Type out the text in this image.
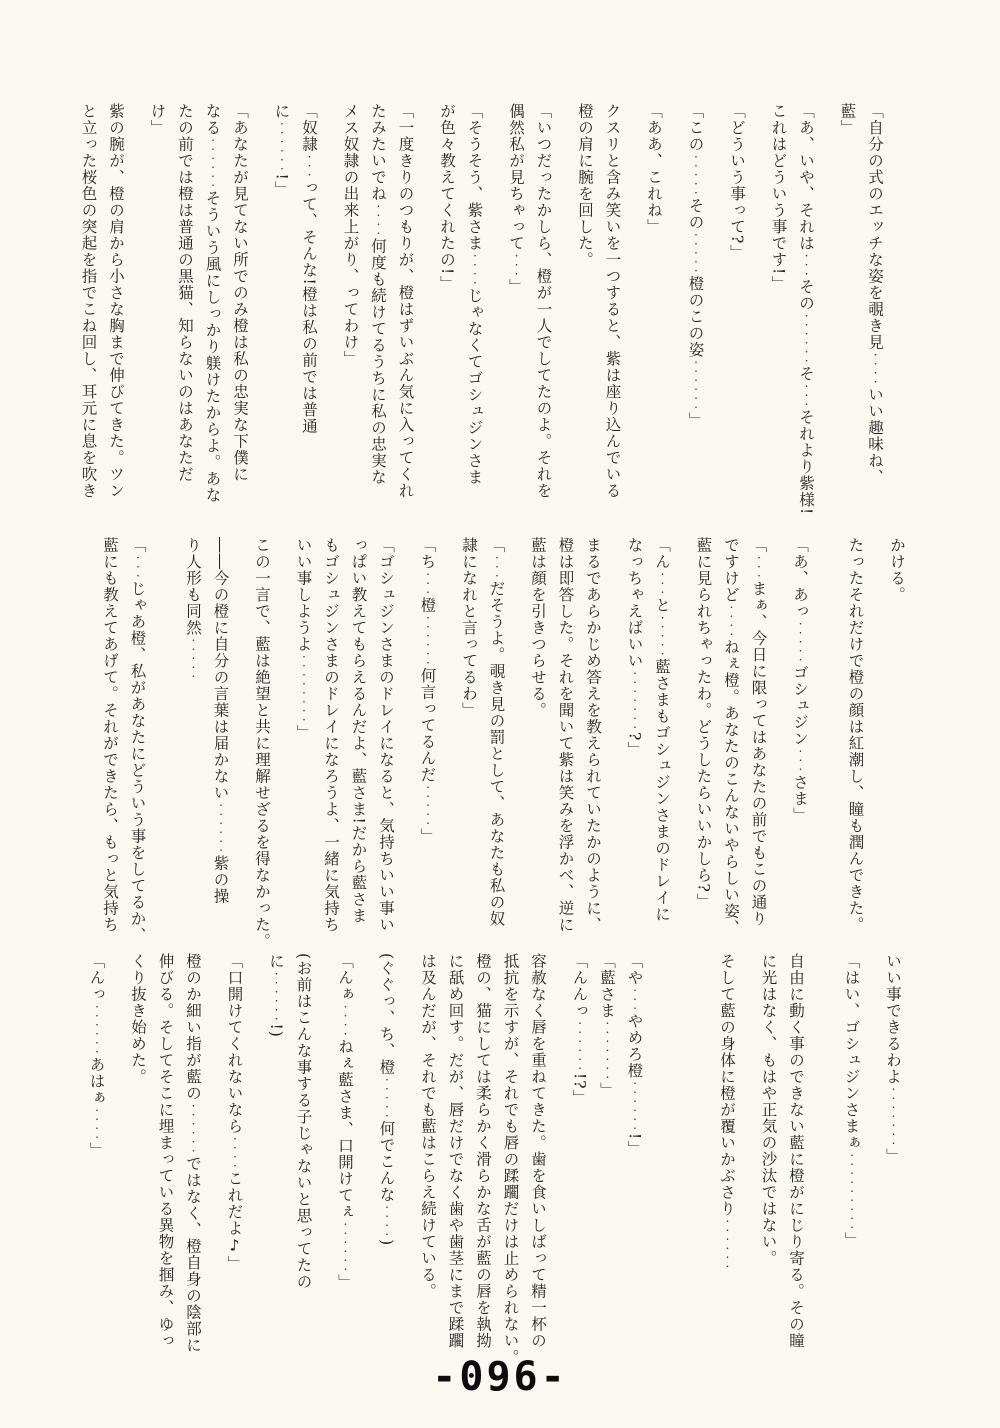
「自分の式のエッチな姿を覗き見・・・・いい趣味ね、
藍」
「あ、いや、それは・・・その・・・・・・そ・・・それより紫様!
これはどういう事です!」
「どういう事って?」
「この・・・・・その・・・・・橙のこの姿・・・・・・」
「ああ、これね」
クスリと含み笑いを一つすると、紫は座り込んでいる
橙の肩に腕を回した。
「いつだったかしら、橙が一人でしてたのよ。それを
偶然私が見ちゃって・・・」
「そうそう、紫さま・・・・じゃなくてゴシュジンさま
が色々教えてくれたの!」
「一度きりのつもりが、橙はずいぶん気に入ってくれ
たみたいでね・・・・何度も続けてるうちに私の忠実な
メス奴隷の出来上がり、ってわけ」
「奴隷・・・って、そんな!橙は私の前では普通
に・・・・・・!」
「あなたが見てない所でのみ橙は私の忠実な下僕に
なる・・・・・・そういう風にしっかり躾けたからよ。あな
たの前では橙は普通の黒猫、知らないのはあなただ
け」
紫の腕が、橙の肩から小さな胸まで伸びてきた。ツン
と立った桜色の突起を指でこね回し、耳元に息を吹き
かける。
たったそれだけで橙の顔は紅潮し、瞳も潤んできた。
「あ、あっ・・・・・ゴシュジン・・・さま」
「・・・まぁ、今日に限ってはあなたの前でもこの通り
ですけど・・・・ねぇ橙。あなたのこんないやらしい姿、
藍に見られちゃったわ。どうしたらいいかしら?」
「ん・・・と・・・・・藍さまもゴシュジンさまのドレイに
なっちゃえばいい・・・・・・・?」
まるであらかじめ答えを教えられていたかのように、
橙は即答した。それを聞いて紫は笑みを浮かべ、逆に
藍は顔を引きつらせる。
「・・・だそうよ。覗き見の罰として、あなたも私の奴
隷になれと言ってるわ」
「ち・・・橙・・・・・・何言ってるんだ・・・・・」
「ゴシュジンさまのドレイになると、気持ちいい事い
っぱい教えてもらえるんだよ、藍さま!だから藍さま
もゴシュジンさまのドレイになろうよ、一緒に気持ち
いい事しようよ・・・・・・・・」
この一言で、藍は絶望と共に理解せざるを得なかった。
――今の橙に自分の言葉は届かない・・・・・・紫の操
り人形も同然・・・・・
「・・・じゃあ橙、私があなたにどういう事をしてるか、
藍にも教えてあげて。それができたら、もっと気持ち
いい事できるわよ・・・・・・・」
「はい、ゴシュジンさまぁ・・・・・・・・・」
自由に動く事のできない藍に橙がにじり寄る。その瞳
に光はなく、もはや正気の沙汰ではない。
そして藍の身体に橙が覆いかぶさり・・・・・・
「や・・・やめろ橙・・・・・・!」
「藍さま・・・・・・・」
「んんっ・・・・・・!?」
容赦なく唇を重ねてきた。歯を食いしばって精一杯の
抵抗を示すが、それでも唇の蹂躙だけは止められない。
橙の、猫にしては柔らかく滑らかな舌が藍の唇を執拗
に舐め回す。だが、唇だけでなく歯や歯茎にまで蹂躙
は及んだが、それでも藍はこらえ続けている。
(ぐぐっ、ち、橙・・・・・何でこんな・・・・)
「んぁ・・・・ねぇ藍さま、口開けてぇ・・・・・・」
(お前はこんな事する子じゃないと思ってたの
に・・・・・・!)
「口開けてくれないなら・・・・これだよ♪」
橙のか細い指が藍の・・・・・・ではなく、橙自身の陰部に
伸びる。そしてそこに埋まっている異物を掴み、ゆっ
くり抜き始めた。
「んっ・・・・・・あはぁ・・・・」
-096-
